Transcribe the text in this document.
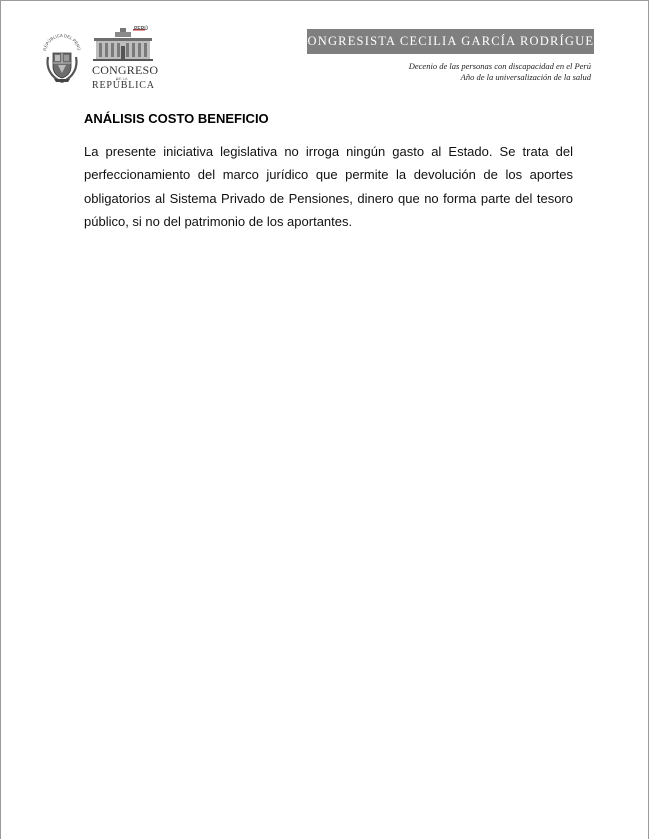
REPÚBLICA DEL PERÚ
PERÚ
CONGRESO
DE LA
REPÚBLICA
CONGRESISTA CECILIA GARCÍA RODRÍGUEZ
Decenio de las personas con discapacidad en el Perú
Año de la universalización de la salud
ANÁLISIS COSTO BENEFICIO

La presente iniciativa legislativa no irroga ningún gasto al Estado. Se trata del perfeccionamiento del marco jurídico que permite la devolución de los aportes obligatorios al Sistema Privado de Pensiones, dinero que no forma parte del tesoro público, si no del patrimonio de los aportantes.
